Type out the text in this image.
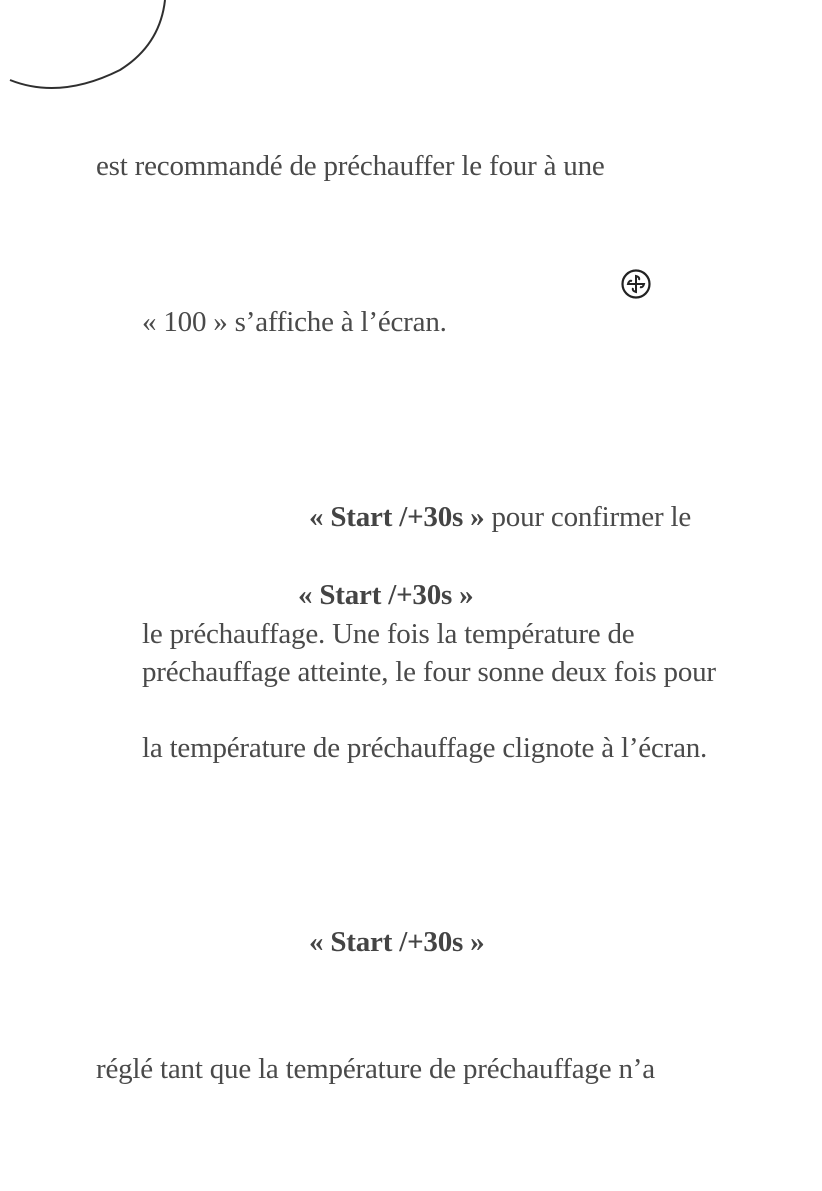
est recommandé de préchauffer le four à une
« 100 » s’affiche à l’écran.
« Start /+30s » pour confirmer le
« Start /+30s »
le préchauffage. Une fois la température de
préchauffage atteinte, le four sonne deux fois pour
la température de préchauffage clignote à l’écran.
« Start /+30s »
réglé tant que la température de préchauffage n’a
